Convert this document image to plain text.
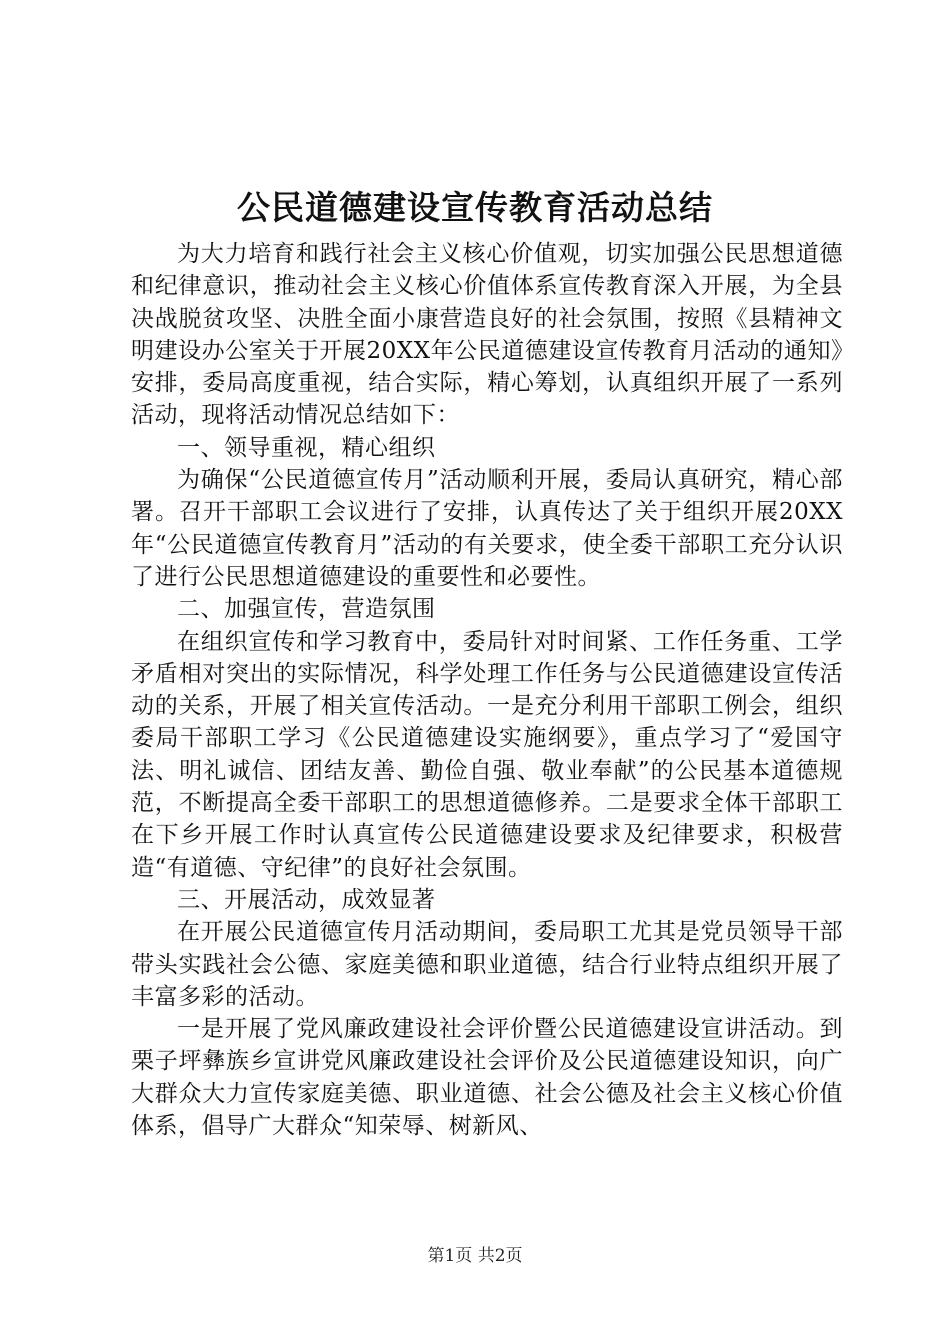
公民道德建设宣传教育活动总结

为大力培育和践行社会主义核心价值观，切实加强公民思想道德和纪律意识，推动社会主义核心价值体系宣传教育深入开展，为全县决战脱贫攻坚、决胜全面小康营造良好的社会氛围，按照《县精神文明建设办公室关于开展20XX年公民道德建设宣传教育月活动的通知》安排，委局高度重视，结合实际，精心筹划，认真组织开展了一系列活动，现将活动情况总结如下：

一、领导重视，精心组织

为确保“公民道德宣传月”活动顺利开展，委局认真研究，精心部署。召开干部职工会议进行了安排，认真传达了关于组织开展20XX年“公民道德宣传教育月”活动的有关要求，使全委干部职工充分认识了进行公民思想道德建设的重要性和必要性。

二、加强宣传，营造氛围

在组织宣传和学习教育中，委局针对时间紧、工作任务重、工学矛盾相对突出的实际情况，科学处理工作任务与公民道德建设宣传活动的关系，开展了相关宣传活动。一是充分利用干部职工例会，组织委局干部职工学习《公民道德建设实施纲要》，重点学习了“爱国守法、明礼诚信、团结友善、勤俭自强、敬业奉献”的公民基本道德规范，不断提高全委干部职工的思想道德修养。二是要求全体干部职工在下乡开展工作时认真宣传公民道德建设要求及纪律要求，积极营造“有道德、守纪律”的良好社会氛围。

三、开展活动，成效显著

在开展公民道德宣传月活动期间，委局职工尤其是党员领导干部带头实践社会公德、家庭美德和职业道德，结合行业特点组织开展了丰富多彩的活动。

一是开展了党风廉政建设社会评价暨公民道德建设宣讲活动。到栗子坪彝族乡宣讲党风廉政建设社会评价及公民道德建设知识，向广大群众大力宣传家庭美德、职业道德、社会公德及社会主义核心价值体系，倡导广大群众“知荣辱、树新风、

第1页 共2页
